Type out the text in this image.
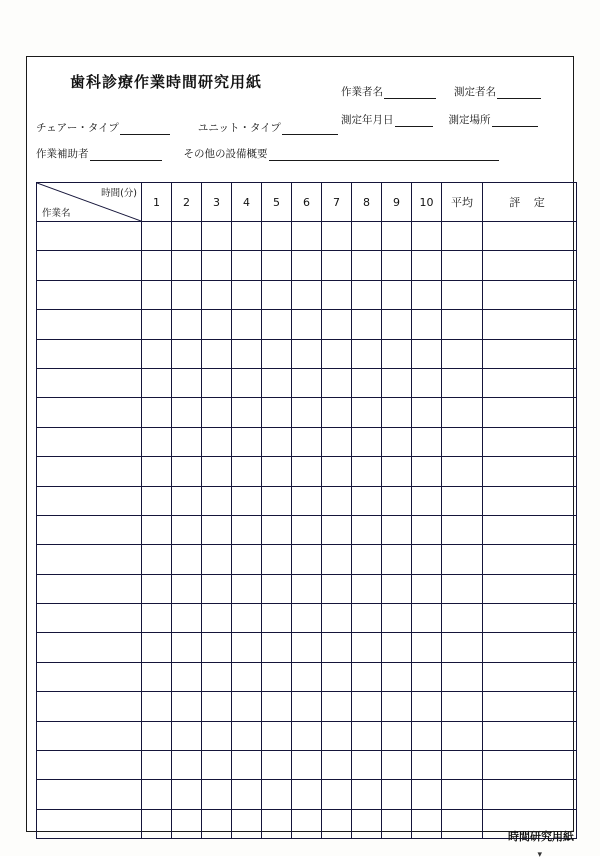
歯科診療作業時間研究用紙
作業者名	測定者名
測定年月日	測定場所
チェアー・タイプ	ユニット・タイプ
作業補助者	その他の設備概要
時間(分)
作業名	1	2	3	4	5	6	7	8	9	10	平均	評 定

時間研究用紙
▾
